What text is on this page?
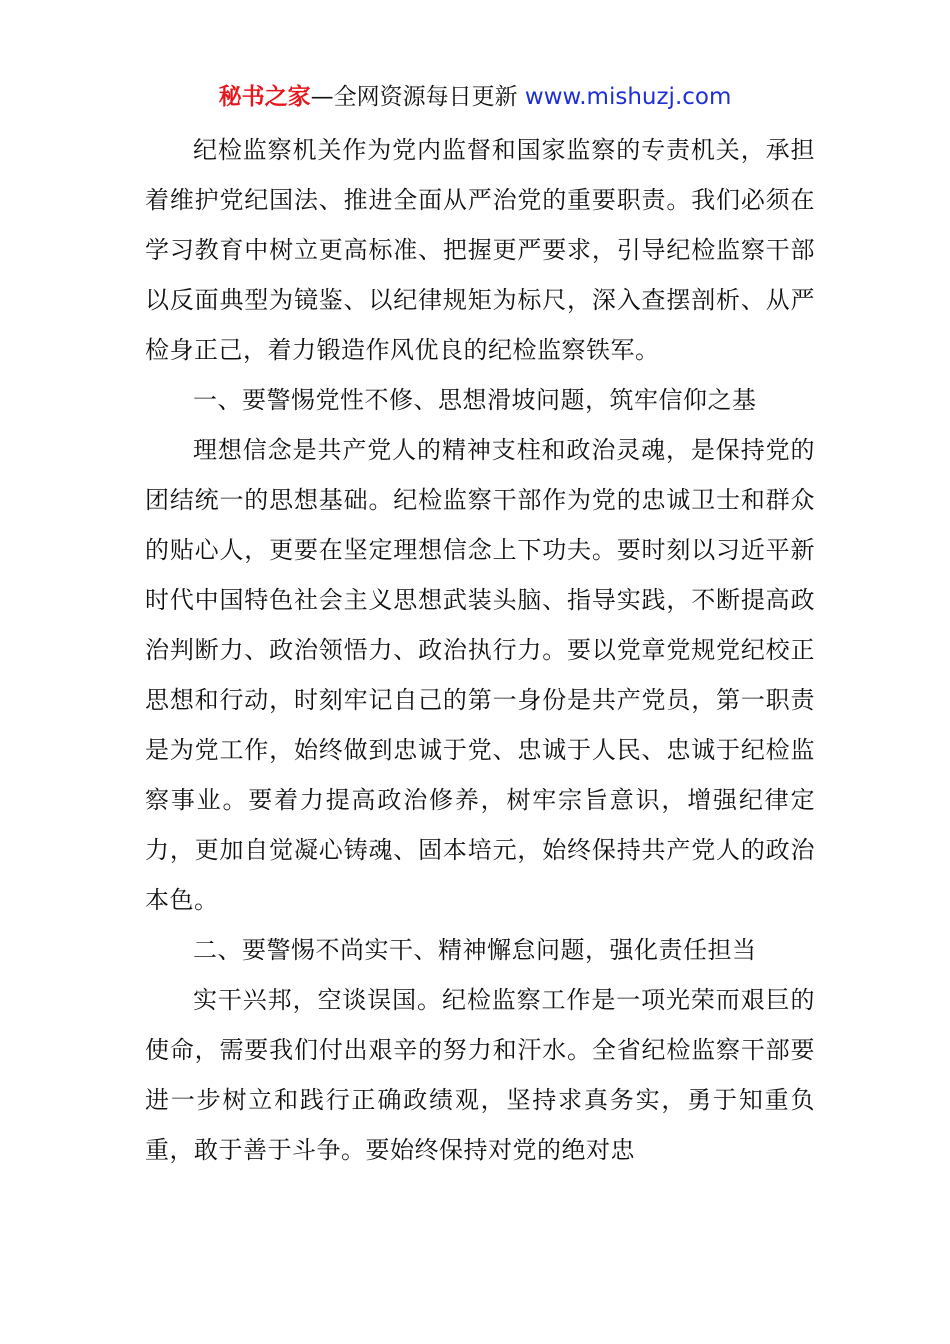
秘书之家—全网资源每日更新 www.mishuzj.com

纪检监察机关作为党内监督和国家监察的专责机关，承担着维护党纪国法、推进全面从严治党的重要职责。我们必须在学习教育中树立更高标准、把握更严要求，引导纪检监察干部以反面典型为镜鉴、以纪律规矩为标尺，深入查摆剖析、从严检身正己，着力锻造作风优良的纪检监察铁军。

一、要警惕党性不修、思想滑坡问题，筑牢信仰之基

理想信念是共产党人的精神支柱和政治灵魂，是保持党的团结统一的思想基础。纪检监察干部作为党的忠诚卫士和群众的贴心人，更要在坚定理想信念上下功夫。要时刻以习近平新时代中国特色社会主义思想武装头脑、指导实践，不断提高政治判断力、政治领悟力、政治执行力。要以党章党规党纪校正思想和行动，时刻牢记自己的第一身份是共产党员，第一职责是为党工作，始终做到忠诚于党、忠诚于人民、忠诚于纪检监察事业。要着力提高政治修养，树牢宗旨意识，增强纪律定力，更加自觉凝心铸魂、固本培元，始终保持共产党人的政治本色。

二、要警惕不尚实干、精神懈怠问题，强化责任担当

实干兴邦，空谈误国。纪检监察工作是一项光荣而艰巨的使命，需要我们付出艰辛的努力和汗水。全省纪检监察干部要进一步树立和践行正确政绩观，坚持求真务实，勇于知重负重，敢于善于斗争。要始终保持对党的绝对忠
